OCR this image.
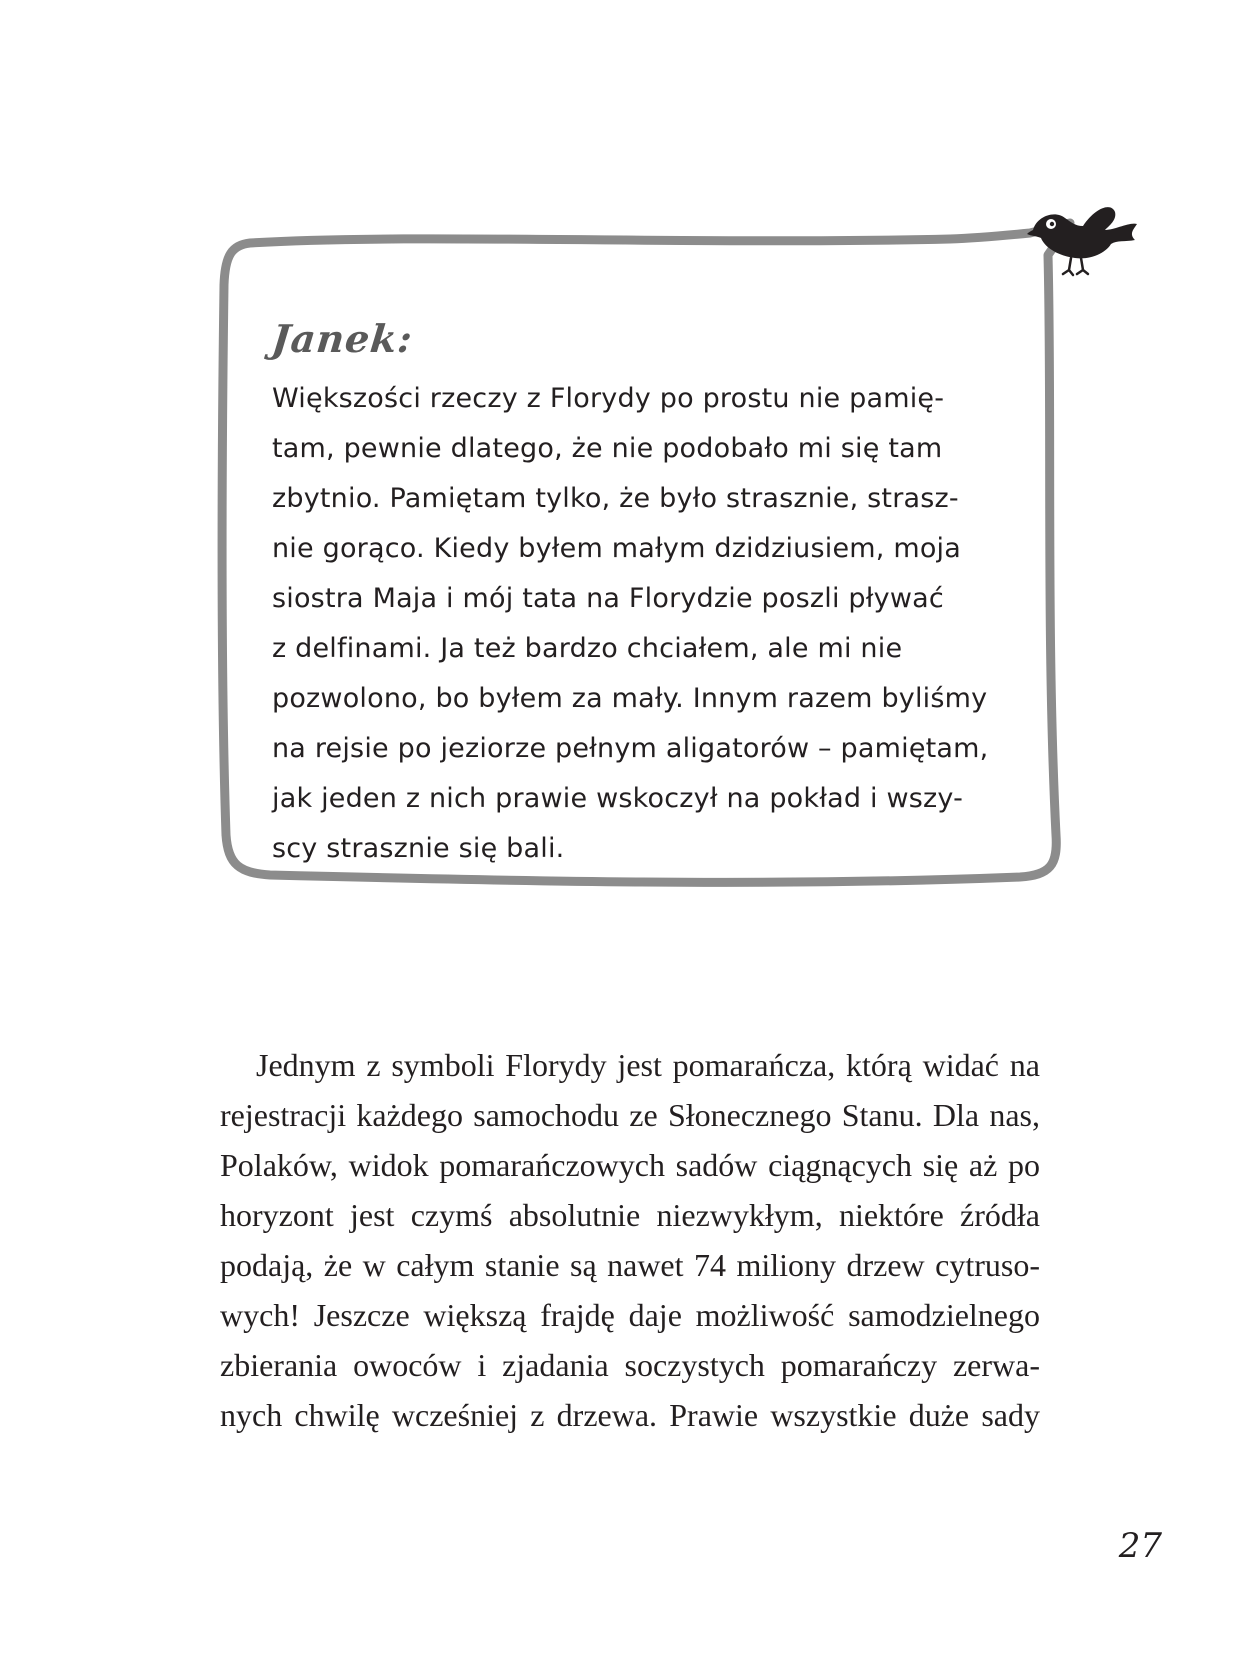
Janek:
Większości rzeczy z Florydy po prostu nie pamię-
tam, pewnie dlatego, że nie podobało mi się tam
zbytnio. Pamiętam tylko, że było strasznie, strasz-
nie gorąco. Kiedy byłem małym dzidziusiem, moja
siostra Maja i mój tata na Florydzie poszli pływać
z delfinami. Ja też bardzo chciałem, ale mi nie
pozwolono, bo byłem za mały. Innym razem byliśmy
na rejsie po jeziorze pełnym aligatorów – pamiętam,
jak jeden z nich prawie wskoczył na pokład i wszy-
scy strasznie się bali.
Jednym z symboli Florydy jest pomarańcza, którą widać na
rejestracji każdego samochodu ze Słonecznego Stanu. Dla nas,
Polaków, widok pomarańczowych sadów ciągnących się aż po
horyzont jest czymś absolutnie niezwykłym, niektóre źródła
podają, że w całym stanie są nawet 74 miliony drzew cytruso-
wych! Jeszcze większą frajdę daje możliwość samodzielnego
zbierania owoców i zjadania soczystych pomarańczy zerwa-
nych chwilę wcześniej z drzewa. Prawie wszystkie duże sady
27
